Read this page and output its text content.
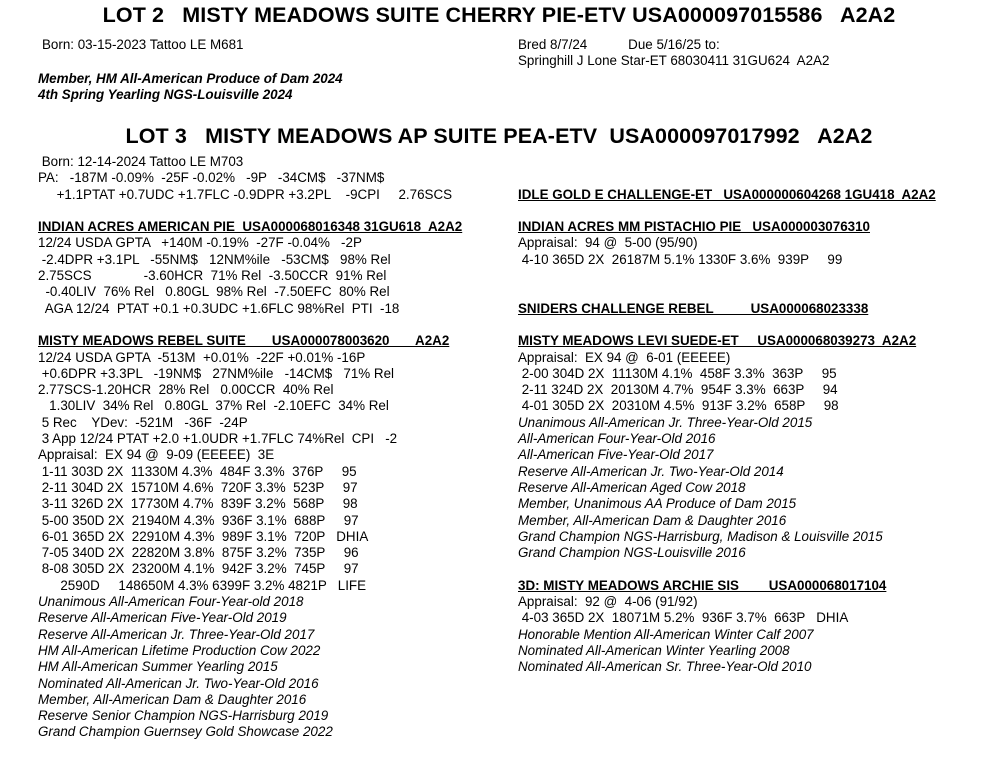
LOT 2   MISTY MEADOWS SUITE CHERRY PIE-ETV USA000097015586   A2A2
Born: 03-15-2023 Tattoo LE M681	Bred 8/7/24           Due 5/16/25 to:
Springhill J Lone Star-ET 68030411 31GU624  A2A2
Member, HM All-American Produce of Dam 2024
4th Spring Yearling NGS-Louisville 2024
LOT 3   MISTY MEADOWS AP SUITE PEA-ETV  USA000097017992   A2A2
Born: 12-14-2024 Tattoo LE M703
PA:   -187M -0.09%  -25F -0.02%   -9P   -34CM$   -37NM$
+1.1PTAT +0.7UDC +1.7FLC -0.9DPR +3.2PL    -9CPI     2.76SCS
INDIAN ACRES AMERICAN PIE  USA000068016348 31GU618  A2A2
12/24 USDA GPTA   +140M -0.19%  -27F -0.04%   -2P
-2.4DPR +3.1PL   -55NM$   12NM%ile   -53CM$   98% Rel
2.75SCS              -3.60HCR  71% Rel  -3.50CCR  91% Rel
-0.40LIV  76% Rel   0.80GL  98% Rel  -7.50EFC  80% Rel
AGA 12/24  PTAT +0.1 +0.3UDC +1.6FLC 98%Rel  PTI  -18
MISTY MEADOWS REBEL SUITE       USA000078003620       A2A2
12/24 USDA GPTA  -513M  +0.01%  -22F +0.01% -16P
+0.6DPR +3.3PL   -19NM$   27NM%ile   -14CM$   71% Rel
2.77SCS-1.20HCR  28% Rel   0.00CCR  40% Rel
1.30LIV  34% Rel   0.80GL  37% Rel  -2.10EFC  34% Rel
5 Rec    YDev:  -521M   -36F  -24P
3 App 12/24 PTAT +2.0 +1.0UDR +1.7FLC 74%Rel  CPI   -2
Appraisal:  EX 94 @  9-09 (EEEEE)  3E
1-11 303D 2X  11330M 4.3%  484F 3.3%  376P     95
2-11 304D 2X  15710M 4.6%  720F 3.3%  523P     97
3-11 326D 2X  17730M 4.7%  839F 3.2%  568P     98
5-00 350D 2X  21940M 4.3%  936F 3.1%  688P     97
6-01 365D 2X  22910M 4.3%  989F 3.1%  720P   DHIA
7-05 340D 2X  22820M 3.8%  875F 3.2%  735P     96
8-08 305D 2X  23200M 4.1%  942F 3.2%  745P     97
2590D     148650M 4.3% 6399F 3.2% 4821P   LIFE
Unanimous All-American Four-Year-old 2018
Reserve All-American Five-Year-Old 2019
Reserve All-American Jr. Three-Year-Old 2017
HM All-American Lifetime Production Cow 2022
HM All-American Summer Yearling 2015
Nominated All-American Jr. Two-Year-Old 2016
Member, All-American Dam & Daughter 2016
Reserve Senior Champion NGS-Harrisburg 2019
Grand Champion Guernsey Gold Showcase 2022
IDLE GOLD E CHALLENGE-ET   USA000000604268 1GU418  A2A2
INDIAN ACRES MM PISTACHIO PIE   USA000003076310
Appraisal:  94 @  5-00 (95/90)
4-10 365D 2X  26187M 5.1% 1330F 3.6%  939P     99
SNIDERS CHALLENGE REBEL          USA000068023338
MISTY MEADOWS LEVI SUEDE-ET     USA000068039273  A2A2
Appraisal:  EX 94 @  6-01 (EEEEE)
2-00 304D 2X  11130M 4.1%  458F 3.3%  363P     95
2-11 324D 2X  20130M 4.7%  954F 3.3%  663P     94
4-01 305D 2X  20310M 4.5%  913F 3.2%  658P     98
Unanimous All-American Jr. Three-Year-Old 2015
All-American Four-Year-Old 2016
All-American Five-Year-Old 2017
Reserve All-American Jr. Two-Year-Old 2014
Reserve All-American Aged Cow 2018
Member, Unanimous AA Produce of Dam 2015
Member, All-American Dam & Daughter 2016
Grand Champion NGS-Harrisburg, Madison & Louisville 2015
Grand Champion NGS-Louisville 2016
3D: MISTY MEADOWS ARCHIE SIS        USA000068017104
Appraisal:  92 @  4-06 (91/92)
4-03 365D 2X  18071M 5.2%  936F 3.7%  663P   DHIA
Honorable Mention All-American Winter Calf 2007
Nominated All-American Winter Yearling 2008
Nominated All-American Sr. Three-Year-Old 2010
